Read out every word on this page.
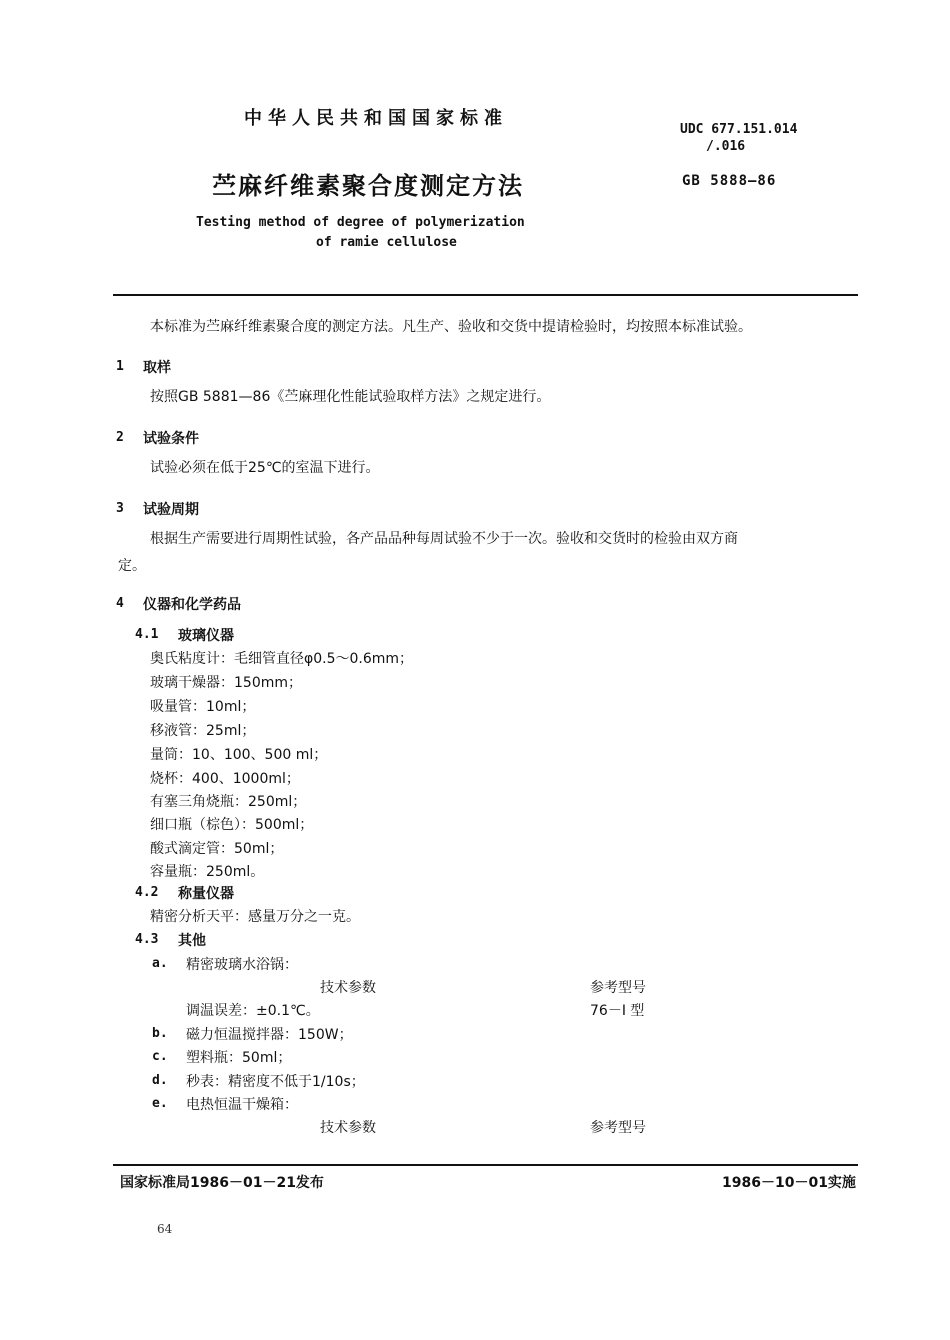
中华人民共和国国家标准
UDC 677.151.014
/.016
苎麻纤维素聚合度测定方法	GB 5888—86
Testing method of degree of polymerization
of ramie cellulose
本标准为苎麻纤维素聚合度的测定方法。凡生产、验收和交货中提请检验时，均按照本标准试验。
1 取样
按照GB 5881—86《苎麻理化性能试验取样方法》之规定进行。
2 试验条件
试验必须在低于25℃的室温下进行。
3 试验周期
根据生产需要进行周期性试验，各产品品种每周试验不少于一次。验收和交货时的检验由双方商
定。
4 仪器和化学药品
4.1 玻璃仪器
奥氏粘度计：毛细管直径φ0.5～0.6mm；
玻璃干燥器：150mm；
吸量管：10ml；
移液管：25ml；
量筒：10、100、500 ml；
烧杯：400、1000ml；
有塞三角烧瓶：250ml；
细口瓶（棕色）：500ml；
酸式滴定管：50ml；
容量瓶：250ml。
4.2 称量仪器
精密分析天平：感量万分之一克。
4.3 其他
a. 精密玻璃水浴锅：
技术参数	参考型号
调温误差：±0.1℃。	76－Ⅰ 型
b. 磁力恒温搅拌器：150W；
c. 塑料瓶：50ml；
d. 秒表：精密度不低于1/10s；
e. 电热恒温干燥箱：
技术参数	参考型号
国家标准局1986－01－21发布	1986－10－01实施
64
